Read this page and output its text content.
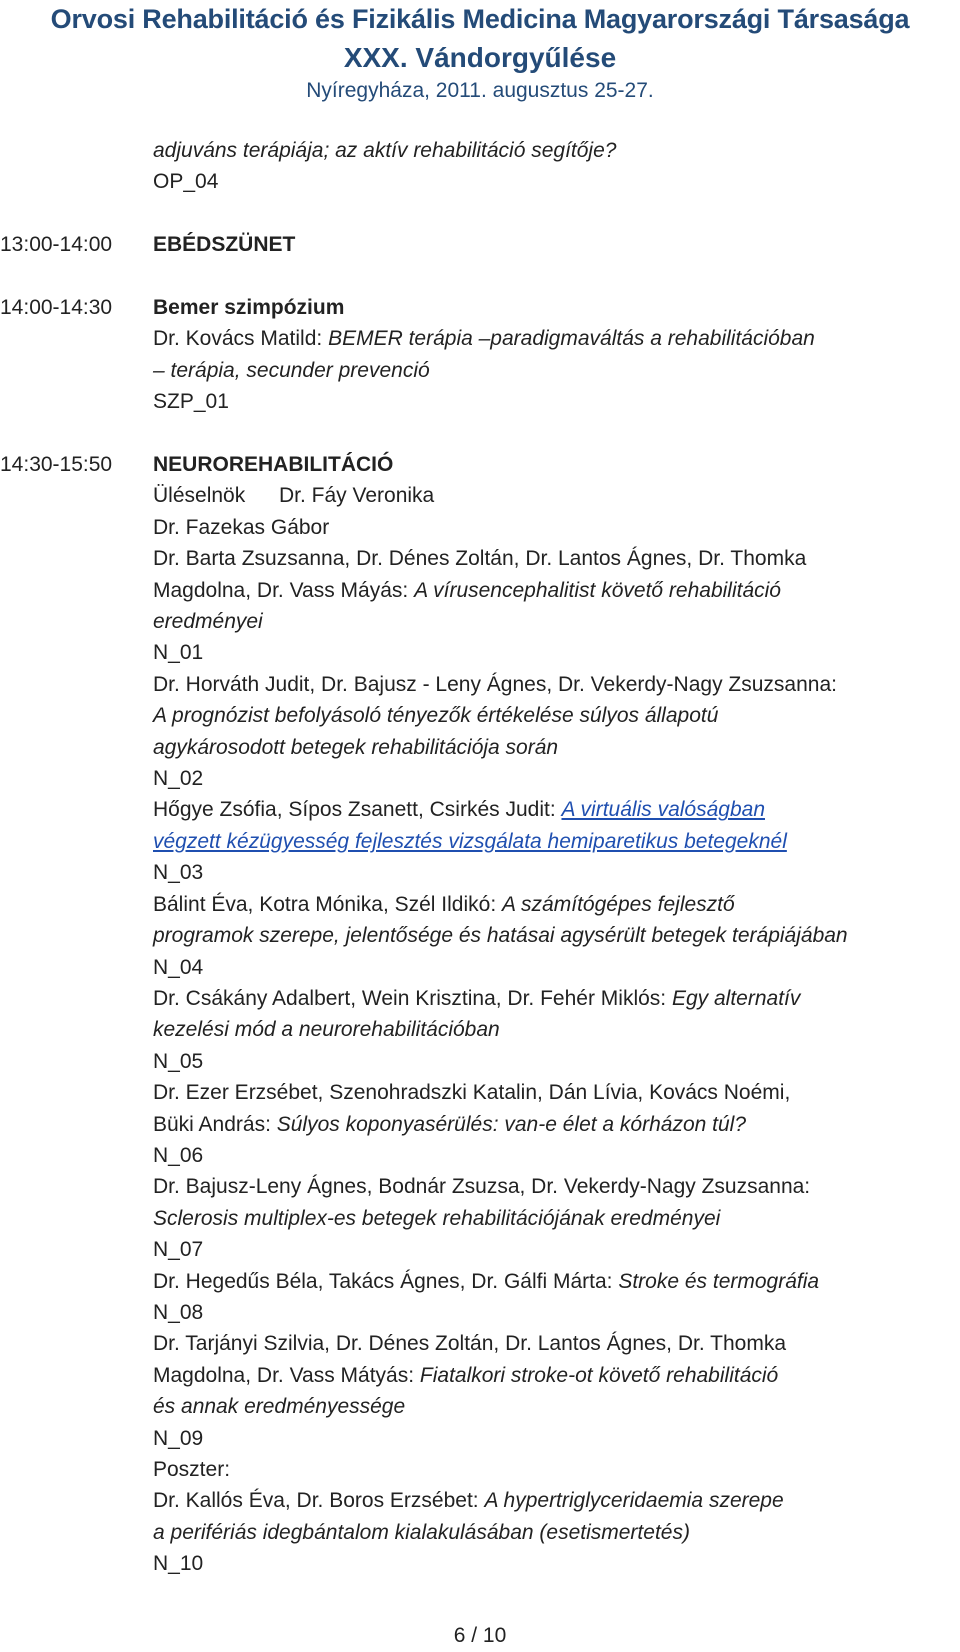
Orvosi Rehabilitáció és Fizikális Medicina Magyarországi Társasága
XXX. Vándorgyűlése
Nyíregyháza, 2011. augusztus 25-27.
adjuváns terápiája; az aktív rehabilitáció segítője?
OP_04
13:00-14:00 EBÉDSZÜNET
14:00-14:30 Bemer szimpózium
Dr. Kovács Matild: BEMER terápia –paradigmaváltás a rehabilitációban
– terápia, secunder prevenció
SZP_01
14:30-15:50 NEUROREHABILITÁCIÓ
Üléselnök Dr. Fáy Veronika
Dr. Fazekas Gábor
Dr. Barta Zsuzsanna, Dr. Dénes Zoltán, Dr. Lantos Ágnes, Dr. Thomka
Magdolna, Dr. Vass Máyás: A vírusencephalitist követő rehabilitáció
eredményei
N_01
Dr. Horváth Judit, Dr. Bajusz - Leny Ágnes, Dr. Vekerdy-Nagy Zsuzsanna:
A prognózist befolyásoló tényezők értékelése súlyos állapotú
agykárosodott betegek rehabilitációja során
N_02
Hőgye Zsófia, Sípos Zsanett, Csirkés Judit: A virtuális valóságban
végzett kézügyesség fejlesztés vizsgálata hemiparetikus betegeknél
N_03
Bálint Éva, Kotra Mónika, Szél Ildikó: A számítógépes fejlesztő
programok szerepe, jelentősége és hatásai agysérült betegek terápiájában
N_04
Dr. Csákány Adalbert, Wein Krisztina, Dr. Fehér Miklós: Egy alternatív
kezelési mód a neurorehabilitációban
N_05
Dr. Ezer Erzsébet, Szenohradszki Katalin, Dán Lívia, Kovács Noémi,
Büki András: Súlyos koponyasérülés: van-e élet a kórházon túl?
N_06
Dr. Bajusz-Leny Ágnes, Bodnár Zsuzsa, Dr. Vekerdy-Nagy Zsuzsanna:
Sclerosis multiplex-es betegek rehabilitációjának eredményei
N_07
Dr. Hegedűs Béla, Takács Ágnes, Dr. Gálfi Márta: Stroke és termográfia
N_08
Dr. Tarjányi Szilvia, Dr. Dénes Zoltán, Dr. Lantos Ágnes, Dr. Thomka
Magdolna, Dr. Vass Mátyás: Fiatalkori stroke-ot követő rehabilitáció
és annak eredményessége
N_09
Poszter:
Dr. Kallós Éva, Dr. Boros Erzsébet: A hypertriglyceridaemia szerepe
a perifériás idegbántalom kialakulásában (esetismertetés)
N_10
6 / 10
